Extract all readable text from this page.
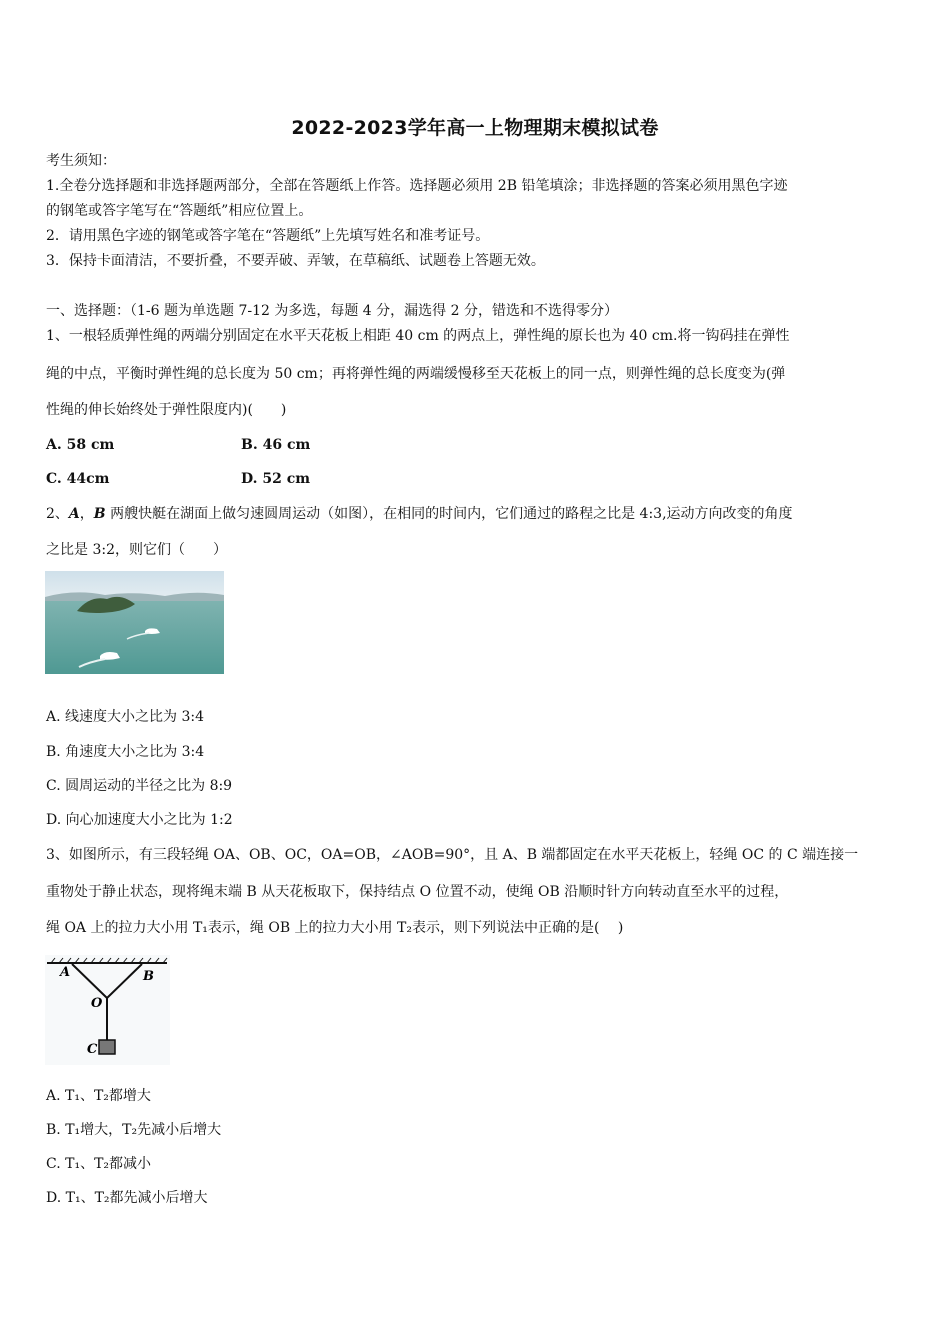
2022-2023学年高一上物理期末模拟试卷
考生须知：
1.全卷分选择题和非选择题两部分，全部在答题纸上作答。选择题必须用 2B 铅笔填涂；非选择题的答案必须用黑色字迹
的钢笔或答字笔写在“答题纸”相应位置上。
2．请用黑色字迹的钢笔或答字笔在“答题纸”上先填写姓名和准考证号。
3．保持卡面清洁，不要折叠，不要弄破、弄皱，在草稿纸、试题卷上答题无效。
一、选择题：（1-6 题为单选题 7-12 为多选，每题 4 分，漏选得 2 分，错选和不选得零分）
1、一根轻质弹性绳的两端分别固定在水平天花板上相距 40 cm 的两点上，弹性绳的原长也为 40 cm.将一钩码挂在弹性
绳的中点，平衡时弹性绳的总长度为 50 cm；再将弹性绳的两端缓慢移至天花板上的同一点，则弹性绳的总长度变为(弹
性绳的伸长始终处于弹性限度内)(　　)
A. 58 cm	B. 46 cm
C. 44cm	D. 52 cm
2、A，B 两艘快艇在湖面上做匀速圆周运动（如图），在相同的时间内，它们通过的路程之比是 4:3,运动方向改变的角度
之比是 3:2，则它们（　　）
A. 线速度大小之比为 3:4
B. 角速度大小之比为 3:4
C. 圆周运动的半径之比为 8:9
D. 向心加速度大小之比为 1:2
3、如图所示，有三段轻绳 OA、OB、OC，OA=OB，∠AOB=90°，且 A、B 端都固定在水平天花板上，轻绳 OC 的 C 端连接一
重物处于静止状态，现将绳末端 B 从天花板取下，保持结点 O 位置不动，使绳 OB 沿顺时针方向转动直至水平的过程，
绳 OA 上的拉力大小用 T₁表示，绳 OB 上的拉力大小用 T₂表示，则下列说法中正确的是(　 )
A	B
O
C
A. T₁、T₂都增大
B. T₁增大，T₂先减小后增大
C. T₁、T₂都减小
D. T₁、T₂都先减小后增大
